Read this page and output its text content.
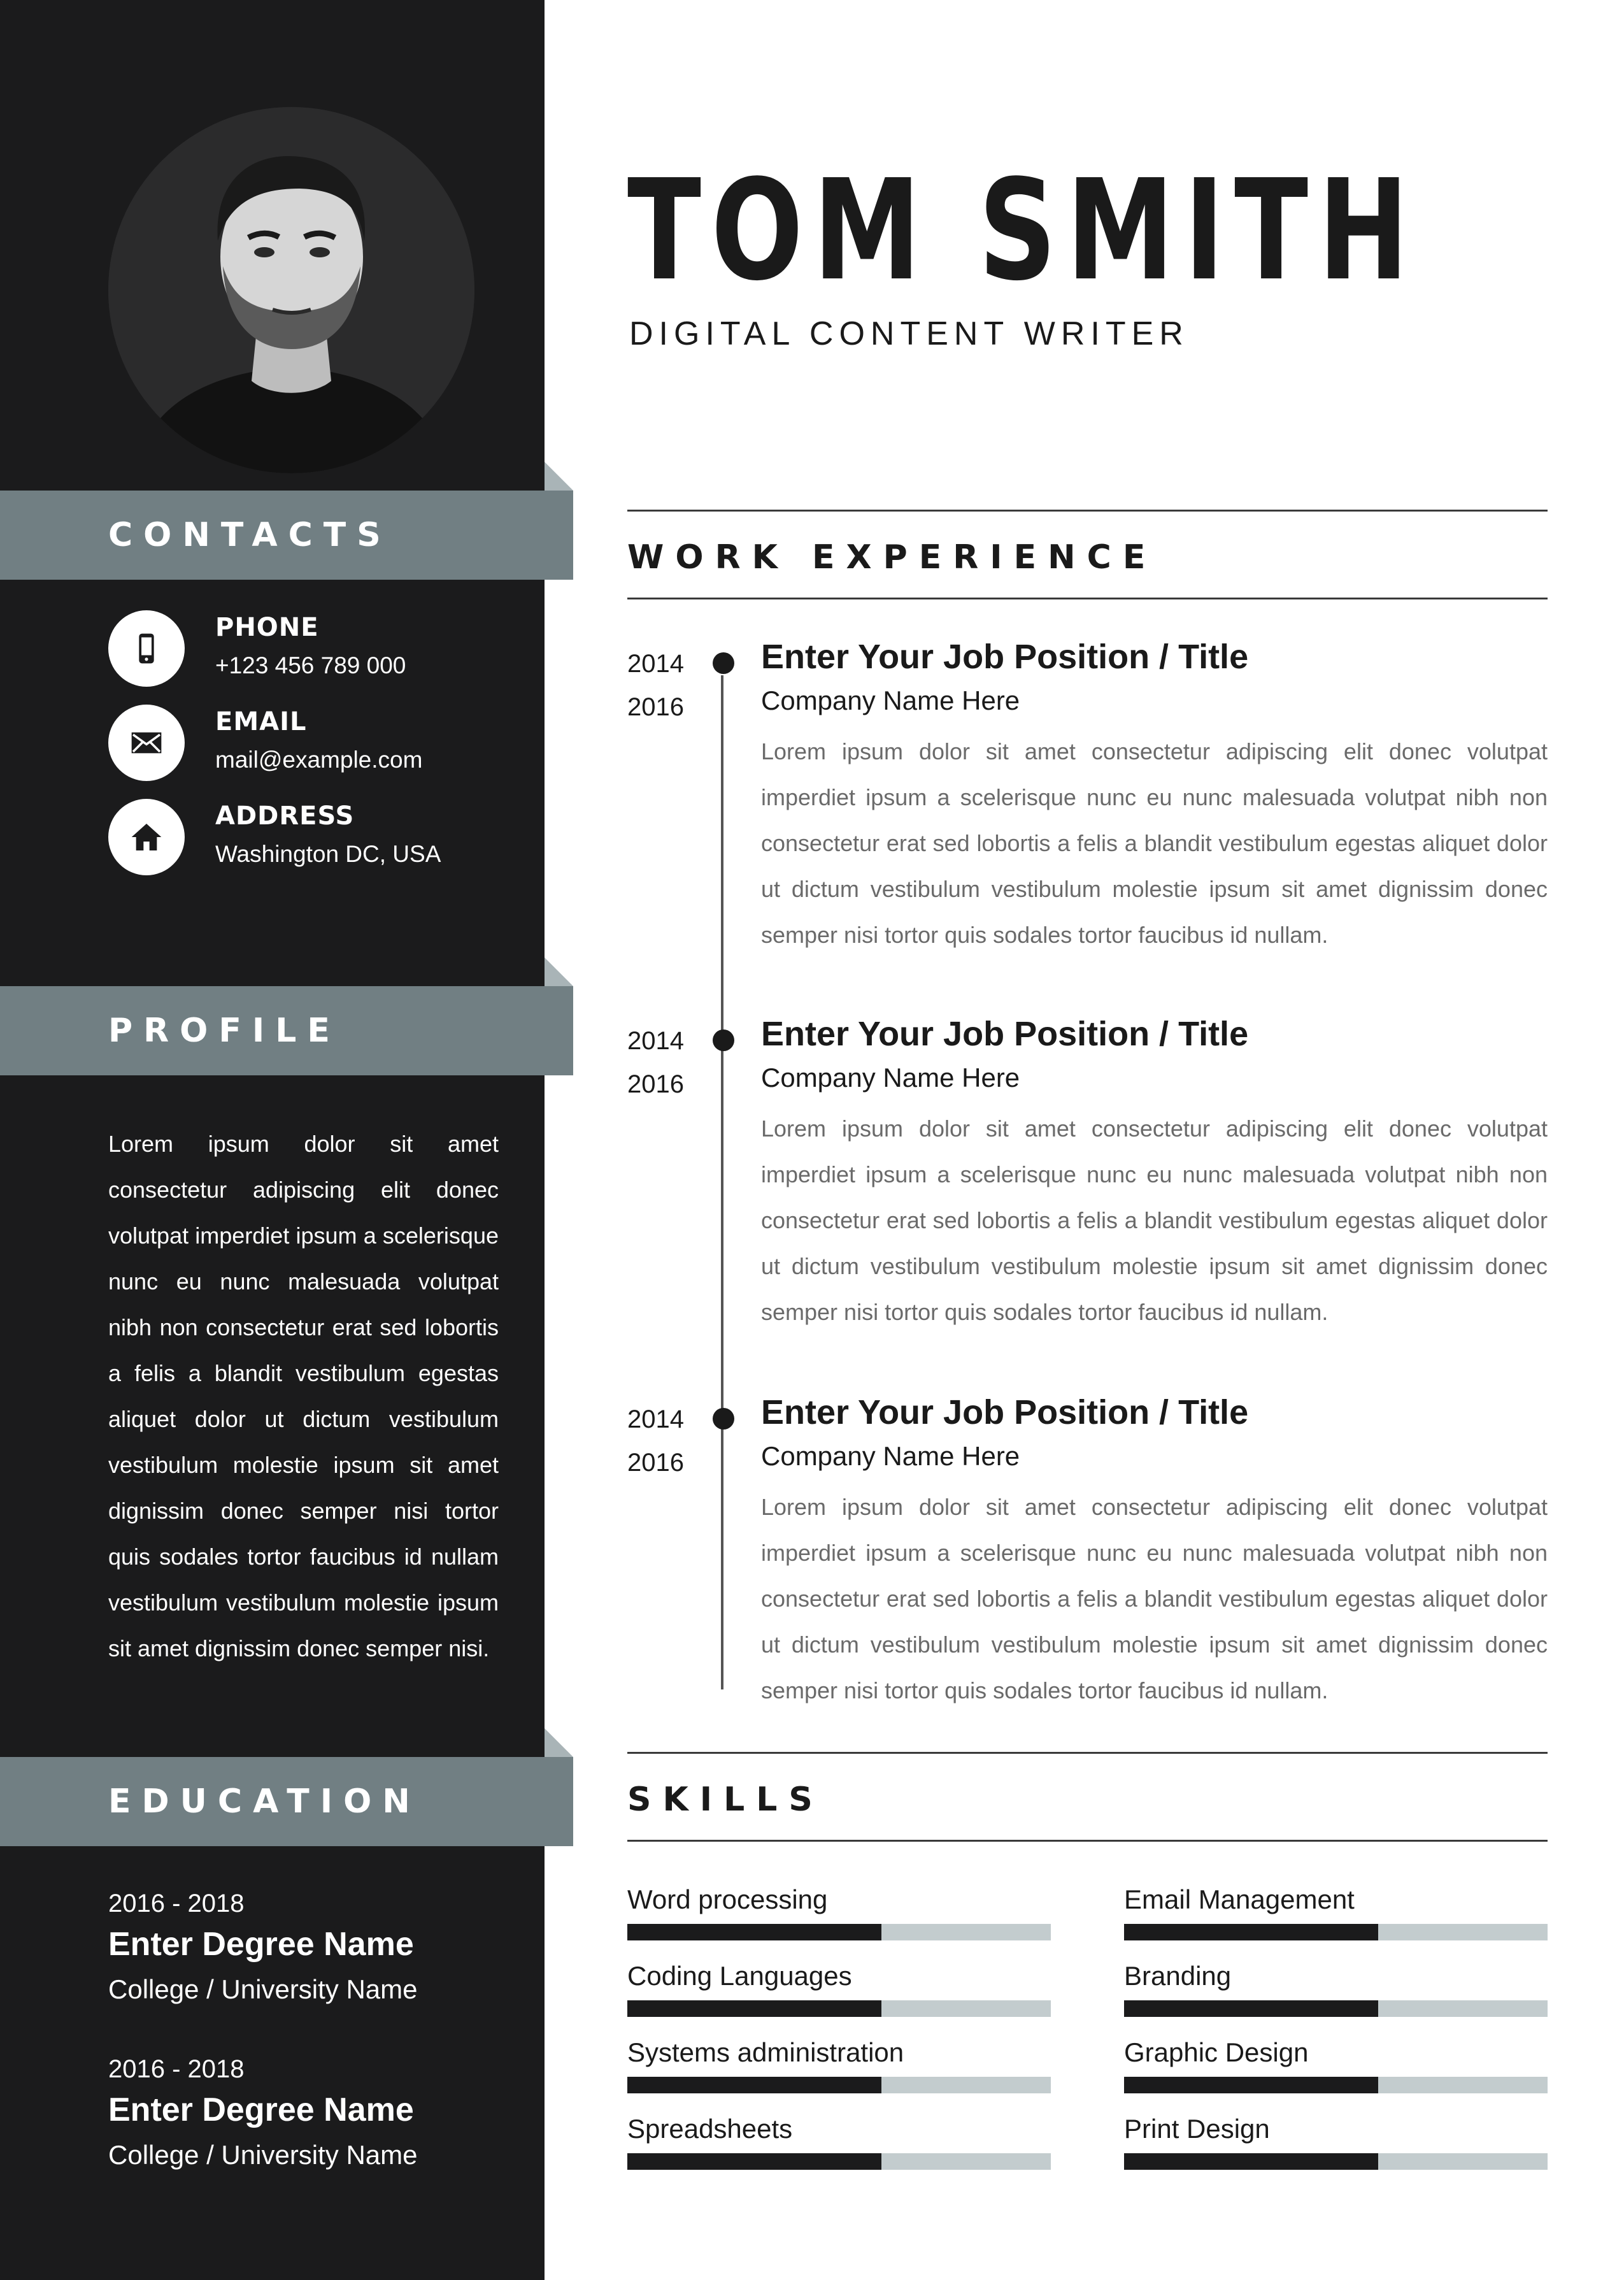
CONTACTS
PHONE
+123 456 789 000
EMAIL
mail@example.com
ADDRESS
Washington DC, USA
PROFILE

Lorem ipsum dolor sit amet consectetur adipiscing elit donec volutpat imperdiet ipsum a scelerisque nunc eu nunc malesuada volutpat nibh non consectetur erat sed lobortis a felis a blandit vestibulum egestas aliquet dolor ut dictum vestibulum vestibulum molestie ipsum sit amet dignissim donec semper nisi tortor quis sodales tortor faucibus id nullam vestibulum vestibulum molestie ipsum sit amet dignissim donec semper nisi.

EDUCATION
2016 - 2018
Enter Degree Name
College / University Name
2016 - 2018
Enter Degree Name
College / University Name
TOM SMITH
DIGITAL CONTENT WRITER
WORK EXPERIENCE
2014
2016
Enter Your Job Position / Title
Company Name Here

Lorem ipsum dolor sit amet consectetur adipiscing elit donec volutpat imperdiet ipsum a scelerisque nunc eu nunc malesuada volutpat nibh non consectetur erat sed lobortis a felis a blandit vestibulum egestas aliquet dolor ut dictum vestibulum vestibulum molestie ipsum sit amet dignissim donec semper nisi tortor quis sodales tortor faucibus id nullam.

2014
2016
Enter Your Job Position / Title
Company Name Here

Lorem ipsum dolor sit amet consectetur adipiscing elit donec volutpat imperdiet ipsum a scelerisque nunc eu nunc malesuada volutpat nibh non consectetur erat sed lobortis a felis a blandit vestibulum egestas aliquet dolor ut dictum vestibulum vestibulum molestie ipsum sit amet dignissim donec semper nisi tortor quis sodales tortor faucibus id nullam.

2014
2016
Enter Your Job Position / Title
Company Name Here

Lorem ipsum dolor sit amet consectetur adipiscing elit donec volutpat imperdiet ipsum a scelerisque nunc eu nunc malesuada volutpat nibh non consectetur erat sed lobortis a felis a blandit vestibulum egestas aliquet dolor ut dictum vestibulum vestibulum molestie ipsum sit amet dignissim donec semper nisi tortor quis sodales tortor faucibus id nullam.

SKILLS
Word processing	Email Management
Coding Languages	Branding
Systems administration	Graphic Design
Spreadsheets	Print Design
